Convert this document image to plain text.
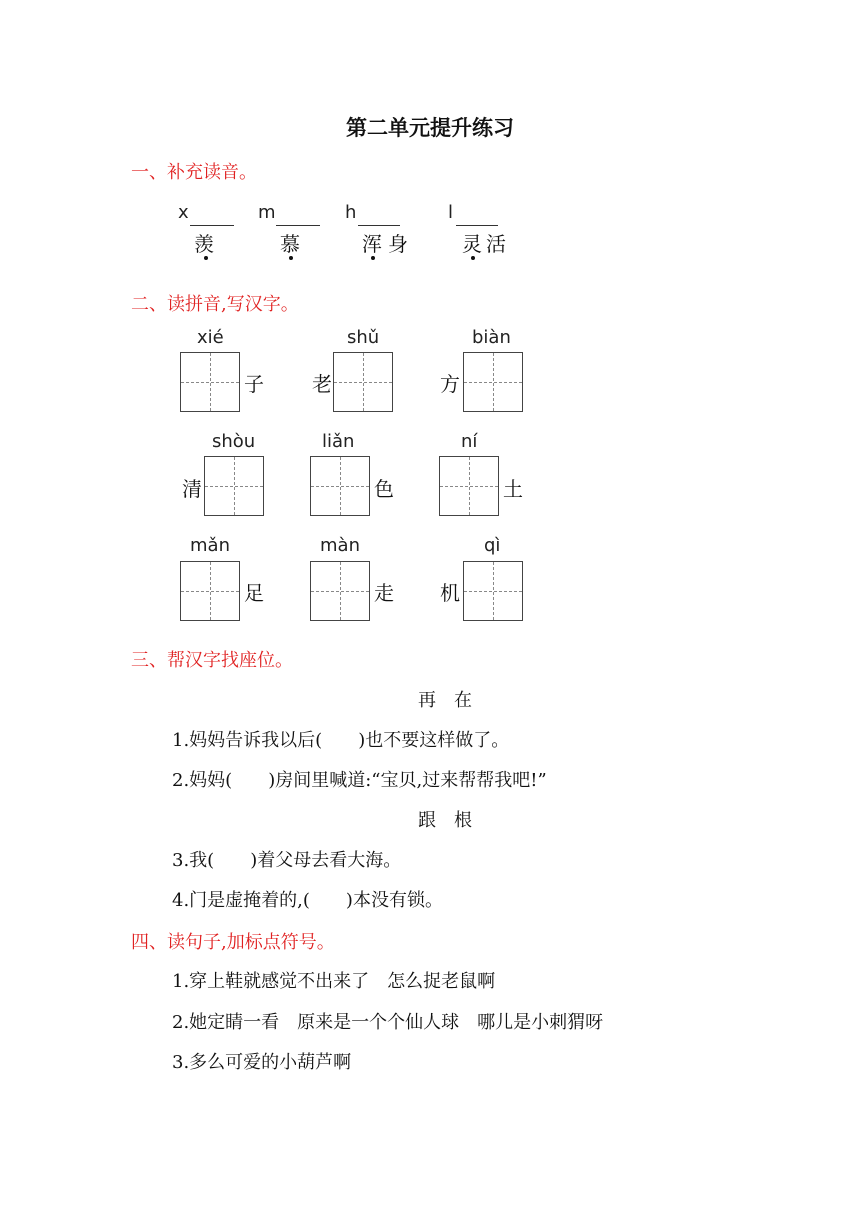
第二单元提升练习
一、补充读音。
x
羡
m
慕
h
浑身
l
灵活
二、读拼音,写汉字。
xié
子
shǔ
老
biàn
方
shòu
清
liǎn
色
ní
土
mǎn
足
màn
走
qì
机
三、帮汉字找座位。
再　在
1.妈妈告诉我以后(　　)也不要这样做了。
2.妈妈(　　)房间里喊道:“宝贝,过来帮帮我吧!”
跟　根
3.我(　　)着父母去看大海。
4.门是虚掩着的,(　　)本没有锁。
四、读句子,加标点符号。
1.穿上鞋就感觉不出来了　怎么捉老鼠啊
2.她定睛一看　原来是一个个仙人球　哪儿是小刺猬呀
3.多么可爱的小葫芦啊
